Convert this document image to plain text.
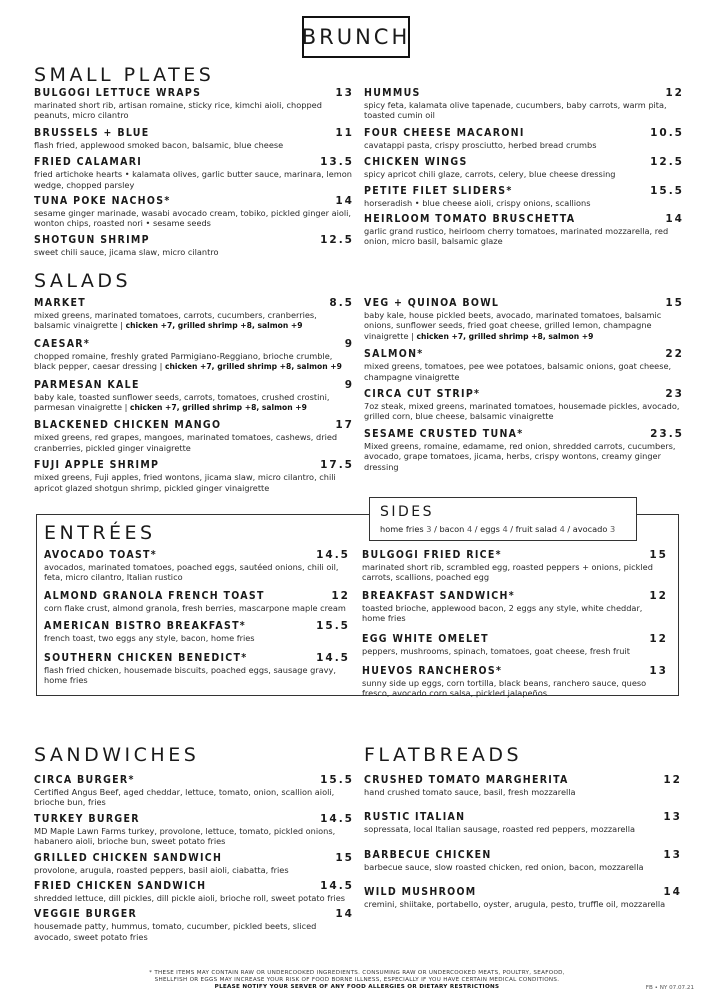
BRUNCH
SMALL PLATES
BULGOGI LETTUCE WRAPS	13
marinated short rib, artisan romaine, sticky rice, kimchi aioli, chopped peanuts, micro cilantro
BRUSSELS + BLUE	11
flash fried, applewood smoked bacon, balsamic, blue cheese
FRIED CALAMARI	13.5
fried artichoke hearts • kalamata olives, garlic butter sauce, marinara, lemon wedge, chopped parsley
TUNA POKE NACHOS*	14
sesame ginger marinade, wasabi avocado cream, tobiko, pickled ginger aioli, wonton chips, roasted nori • sesame seeds
SHOTGUN SHRIMP	12.5
sweet chili sauce, jicama slaw, micro cilantro
HUMMUS	12
spicy feta, kalamata olive tapenade, cucumbers, baby carrots, warm pita, toasted cumin oil
FOUR CHEESE MACARONI	10.5
cavatappi pasta, crispy prosciutto, herbed bread crumbs
CHICKEN WINGS	12.5
spicy apricot chili glaze, carrots, celery, blue cheese dressing
PETITE FILET SLIDERS*	15.5
horseradish • blue cheese aioli, crispy onions, scallions
HEIRLOOM TOMATO BRUSCHETTA	14
garlic grand rustico, heirloom cherry tomatoes, marinated mozzarella, red onion, micro basil, balsamic glaze
SALADS
MARKET	8.5
mixed greens, marinated tomatoes, carrots, cucumbers, cranberries, balsamic vinaigrette | chicken +7, grilled shrimp +8, salmon +9
CAESAR*	9
chopped romaine, freshly grated Parmigiano-Reggiano, brioche crumble, black pepper, caesar dressing | chicken +7, grilled shrimp +8, salmon +9
PARMESAN KALE	9
baby kale, toasted sunflower seeds, carrots, tomatoes, crushed crostini, parmesan vinaigrette | chicken +7, grilled shrimp +8, salmon +9
BLACKENED CHICKEN MANGO	17
mixed greens, red grapes, mangoes, marinated tomatoes, cashews, dried cranberries, pickled ginger vinaigrette
FUJI APPLE SHRIMP	17.5
mixed greens, Fuji apples, fried wontons, jicama slaw, micro cilantro, chili apricot glazed shotgun shrimp, pickled ginger vinaigrette
VEG + QUINOA BOWL	15
baby kale, house pickled beets, avocado, marinated tomatoes, balsamic onions, sunflower seeds, fried goat cheese, grilled lemon, champagne vinaigrette | chicken +7, grilled shrimp +8, salmon +9
SALMON*	22
mixed greens, tomatoes, pee wee potatoes, balsamic onions, goat cheese, champagne vinaigrette
CIRCA CUT STRIP*	23
7oz steak, mixed greens, marinated tomatoes, housemade pickles, avocado, grilled corn, blue cheese, balsamic vinaigrette
SESAME CRUSTED TUNA*	23.5
Mixed greens, romaine, edamame, red onion, shredded carrots, cucumbers, avocado, grape tomatoes, jicama, herbs, crispy wontons, creamy ginger dressing
ENTRÉES
AVOCADO TOAST*	14.5
avocados, marinated tomatoes, poached eggs, sautéed onions, chili oil, feta, micro cilantro, Italian rustico
ALMOND GRANOLA FRENCH TOAST	12
corn flake crust, almond granola, fresh berries, mascarpone maple cream
AMERICAN BISTRO BREAKFAST*	15.5
french toast, two eggs any style, bacon, home fries
SOUTHERN CHICKEN BENEDICT*	14.5
flash fried chicken, housemade biscuits, poached eggs, sausage gravy, home fries
BULGOGI FRIED RICE*	15
marinated short rib, scrambled egg, roasted peppers + onions, pickled carrots, scallions, poached egg
BREAKFAST SANDWICH*	12
toasted brioche, applewood bacon, 2 eggs any style, white cheddar, home fries
EGG WHITE OMELET	12
peppers, mushrooms, spinach, tomatoes, goat cheese, fresh fruit
HUEVOS RANCHEROS*	13
sunny side up eggs, corn tortilla, black beans, ranchero sauce, queso fresco, avocado corn salsa, pickled jalapeños
SIDES
home fries 3 / bacon 4 / eggs 4 / fruit salad 4 / avocado 3
SANDWICHES
CIRCA BURGER*	15.5
Certified Angus Beef, aged cheddar, lettuce, tomato, onion, scallion aioli, brioche bun, fries
TURKEY BURGER	14.5
MD Maple Lawn Farms turkey, provolone, lettuce, tomato, pickled onions, habanero aioli, brioche bun, sweet potato fries
GRILLED CHICKEN SANDWICH	15
provolone, arugula, roasted peppers, basil aioli, ciabatta, fries
FRIED CHICKEN SANDWICH	14.5
shredded lettuce, dill pickles, dill pickle aioli, brioche roll, sweet potato fries
VEGGIE BURGER	14
housemade patty, hummus, tomato, cucumber, pickled beets, sliced avocado, sweet potato fries
FLATBREADS
CRUSHED TOMATO MARGHERITA	12
hand crushed tomato sauce, basil, fresh mozzarella
RUSTIC ITALIAN	13
sopressata, local Italian sausage, roasted red peppers, mozzarella
BARBECUE CHICKEN	13
barbecue sauce, slow roasted chicken, red onion, bacon, mozzarella
WILD MUSHROOM	14
cremini, shiitake, portabello, oyster, arugula, pesto, truffle oil, mozzarella
* THESE ITEMS MAY CONTAIN RAW OR UNDERCOOKED INGREDIENTS. CONSUMING RAW OR UNDERCOOKED MEATS, POULTRY, SEAFOOD,
SHELLFISH OR EGGS MAY INCREASE YOUR RISK OF FOOD BORNE ILLNESS, ESPECIALLY IF YOU HAVE CERTAIN MEDICAL CONDITIONS.
PLEASE NOTIFY YOUR SERVER OF ANY FOOD ALLERGIES OR DIETARY RESTRICTIONS	FB • NY 07.07.21
